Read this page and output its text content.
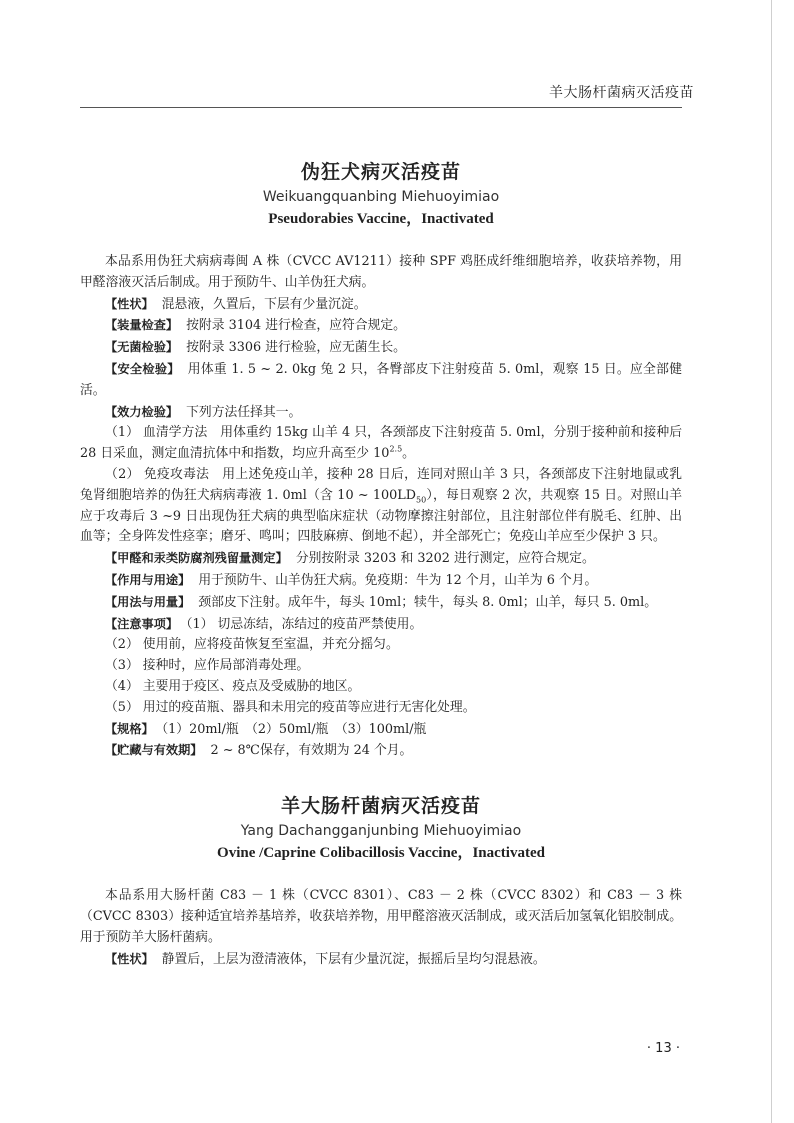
羊大肠杆菌病灭活疫苗
伪狂犬病灭活疫苗
Weikuangquanbing Miehuoyimiao
Pseudorabies Vaccine，Inactivated

本品系用伪狂犬病病毒闽 A 株（CVCC AV1211）接种 SPF 鸡胚成纤维细胞培养，收获培养物，用甲醛溶液灭活后制成。用于预防牛、山羊伪狂犬病。

【性状】 混悬液，久置后，下层有少量沉淀。

【装量检查】 按附录 3104 进行检查，应符合规定。

【无菌检验】 按附录 3306 进行检验，应无菌生长。

【安全检验】 用体重 1. 5 ~ 2. 0kg 兔 2 只，各臀部皮下注射疫苗 5. 0ml，观察 15 日。应全部健活。

【效力检验】 下列方法任择其一。

（1） 血清学方法　用体重约 15kg 山羊 4 只，各颈部皮下注射疫苗 5. 0ml，分别于接种前和接种后 28 日采血，测定血清抗体中和指数，均应升高至少 $10^{2.5}$。

（2） 免疫攻毒法　用上述免疫山羊，接种 28 日后，连同对照山羊 3 只，各颈部皮下注射地鼠或乳兔肾细胞培养的伪狂犬病病毒液 1. 0ml（含 10 ~ $100LD_{50}$），每日观察 2 次，共观察 15 日。对照山羊应于攻毒后 3 ~9 日出现伪狂犬病的典型临床症状（动物摩擦注射部位，且注射部位伴有脱毛、红肿、出血等；全身阵发性痉挛；磨牙、鸣叫；四肢麻痹、倒地不起），并全部死亡；免疫山羊应至少保护 3 只。

【甲醛和汞类防腐剂残留量测定】 分别按附录 3203 和 3202 进行测定，应符合规定。

【作用与用途】 用于预防牛、山羊伪狂犬病。免疫期：牛为 12 个月，山羊为 6 个月。

【用法与用量】 颈部皮下注射。成年牛，每头 10ml；犊牛，每头 8. 0ml；山羊，每只 5. 0ml。

【注意事项】 （1） 切忌冻结，冻结过的疫苗严禁使用。

（2） 使用前，应将疫苗恢复至室温，并充分摇匀。

（3） 接种时，应作局部消毒处理。

（4） 主要用于疫区、疫点及受威胁的地区。

（5） 用过的疫苗瓶、器具和未用完的疫苗等应进行无害化处理。

【规格】 （1）20ml/瓶　（2）50ml/瓶　（3）100ml/瓶

【贮藏与有效期】 2 ~ 8℃保存，有效期为 24 个月。

羊大肠杆菌病灭活疫苗
Yang Dachangganjunbing Miehuoyimiao
Ovine /Caprine Colibacillosis Vaccine，Inactivated

本品系用大肠杆菌 C83 － 1 株（CVCC 8301）、C83 － 2 株（CVCC 8302）和 C83 － 3 株（CVCC 8303）接种适宜培养基培养，收获培养物，用甲醛溶液灭活制成，或灭活后加氢氧化铝胶制成。用于预防羊大肠杆菌病。

【性状】 静置后，上层为澄清液体，下层有少量沉淀，振摇后呈均匀混悬液。

· 13 ·
